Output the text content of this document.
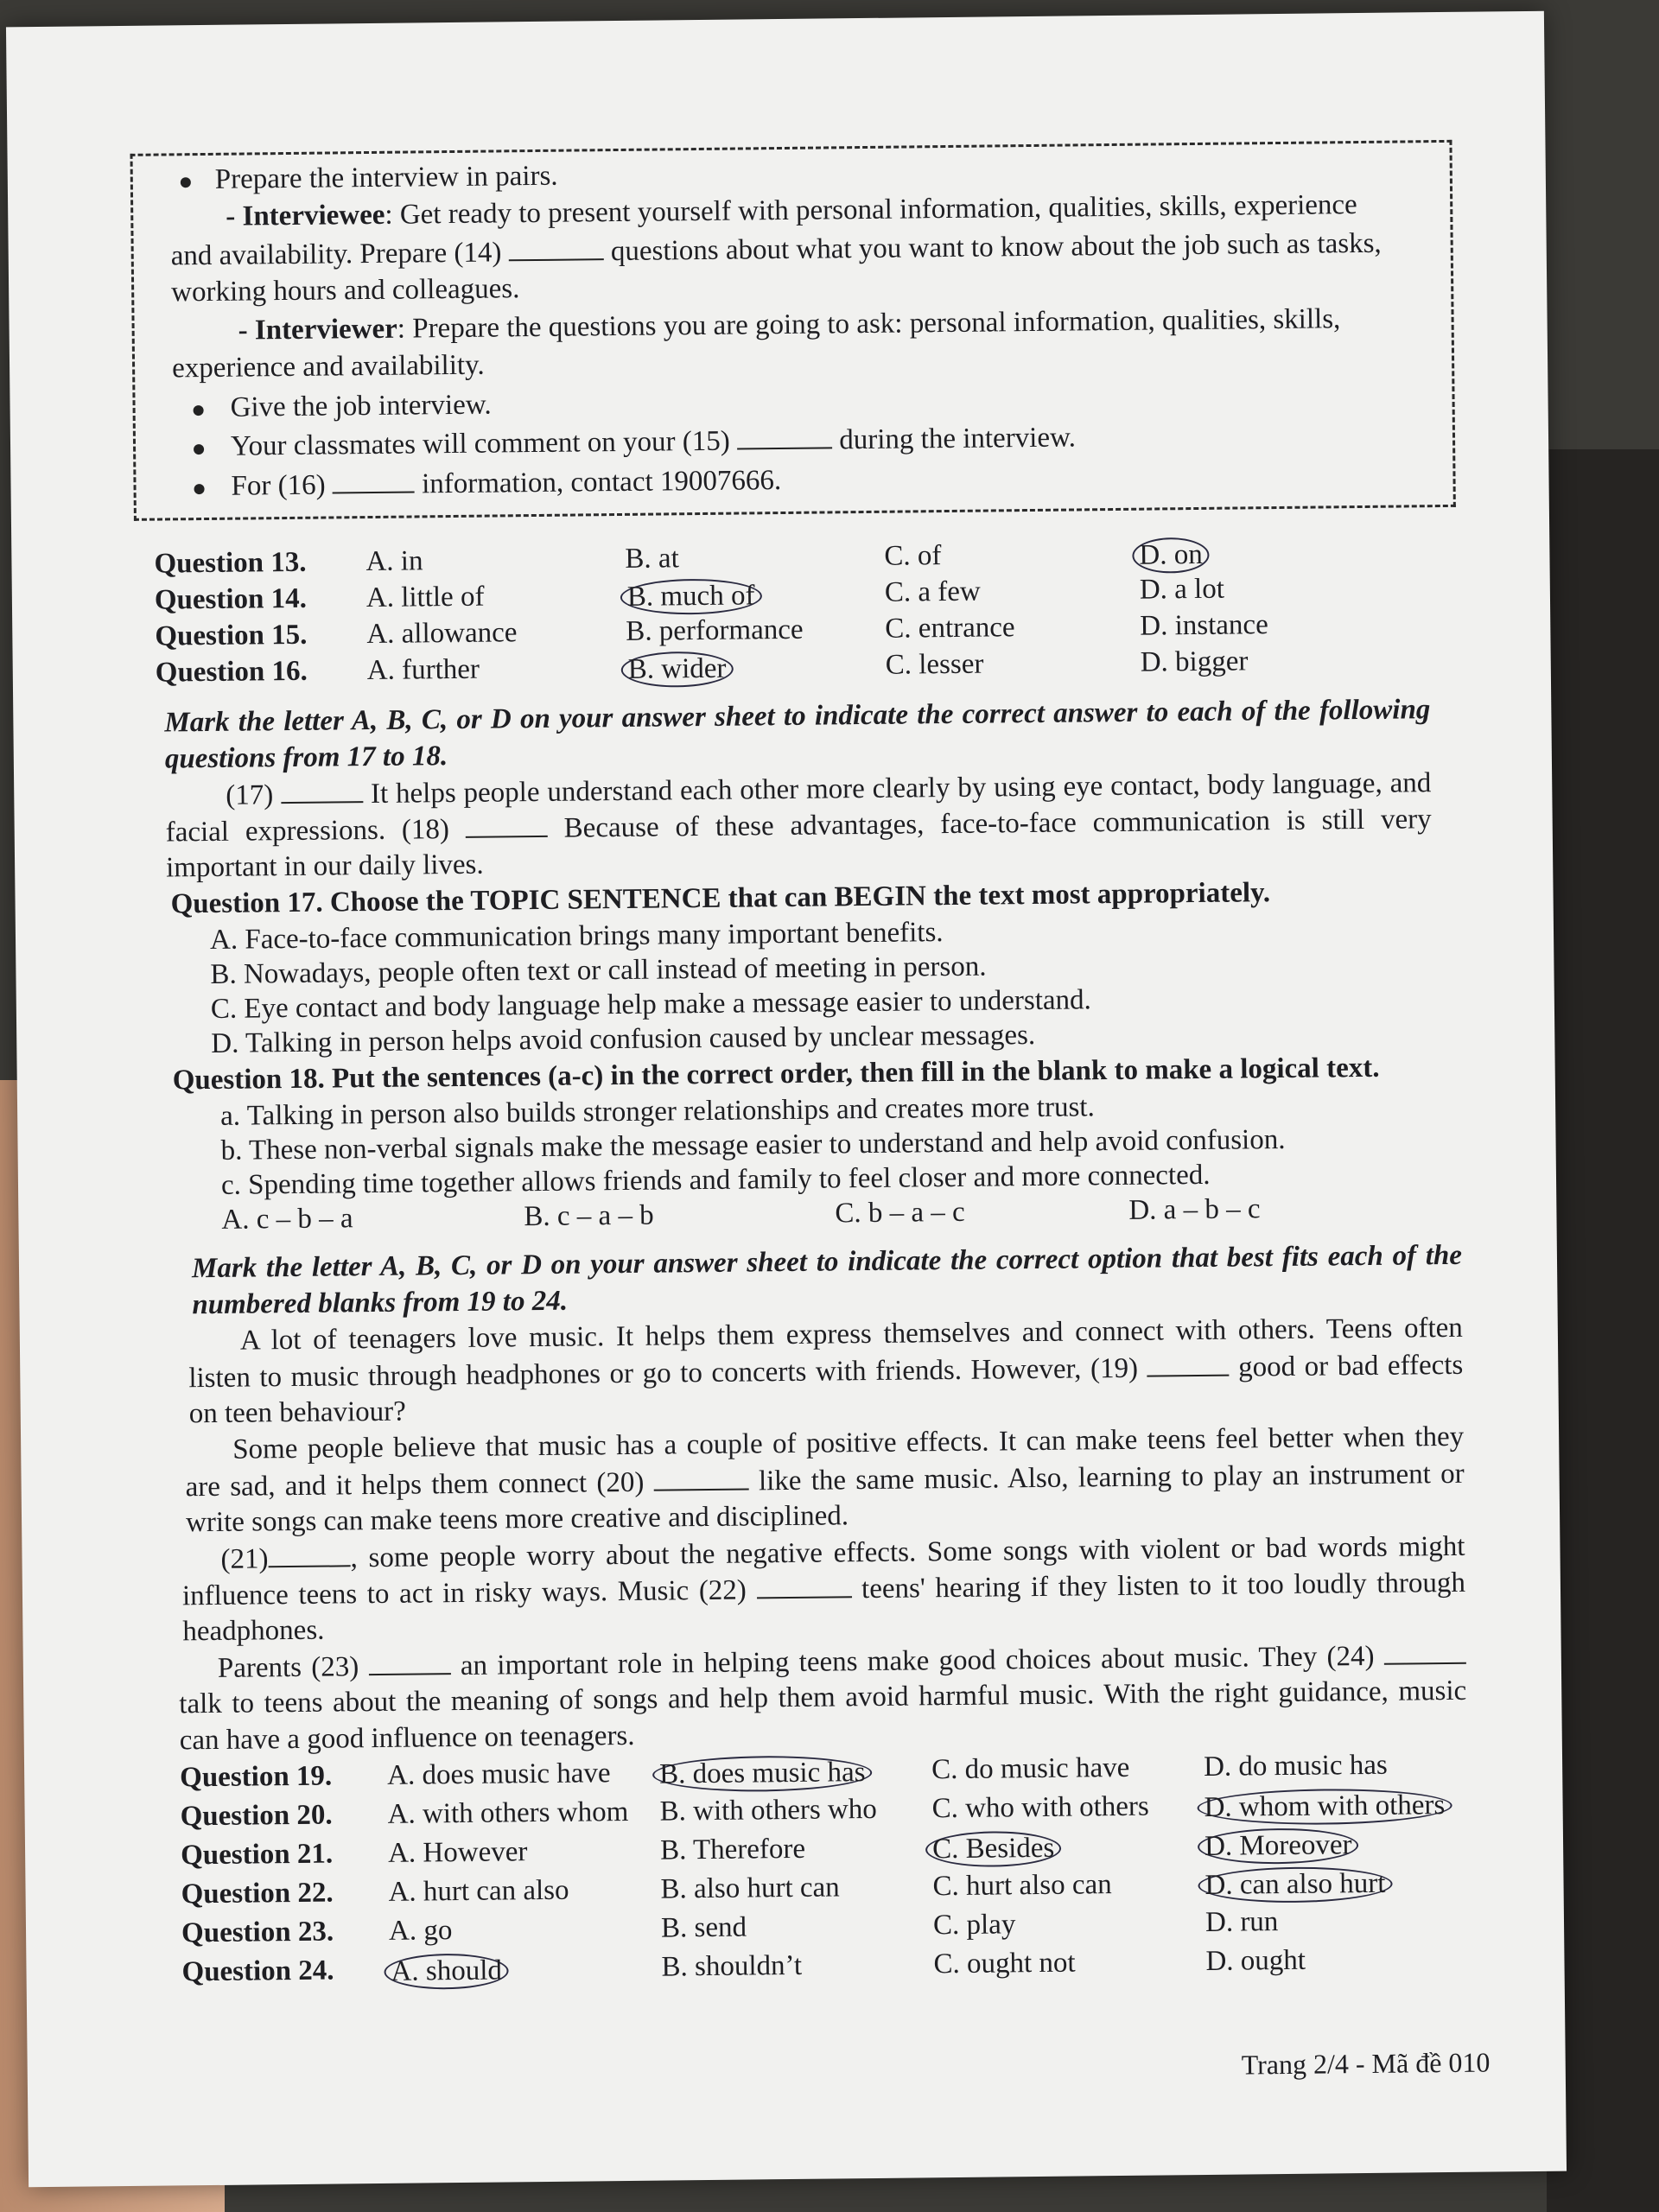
Prepare the interview in pairs.
- Interviewee: Get ready to present yourself with personal information, qualities, skills, experience
and availability. Prepare (14)	questions about what you want to know about the job such as tasks,
working hours and colleagues.
- Interviewer: Prepare the questions you are going to ask: personal information, qualities, skills,
experience and availability.
Give the job interview.
Your classmates will comment on your (15)	during the interview.
For (16)	information, contact 19007666.
Question 13. A. in	B. at	C. of	D. on
Question 14. A. little of	B. much of	C. a few	D. a lot
Question 15. A. allowance	B. performance	C. entrance	D. instance
Question 16. A. further	B. wider	C. lesser	D. bigger
Mark the letter A, B, C, or D on your answer sheet to indicate the correct answer to each of the following
questions from 17 to 18.
(17)	It helps people understand each other more clearly by using eye contact, body language, and
facial expressions. (18)	Because of these advantages, face-to-face communication is still very
important in our daily lives.
Question 17. Choose the TOPIC SENTENCE that can BEGIN the text most appropriately.
A. Face-to-face communication brings many important benefits.
B. Nowadays, people often text or call instead of meeting in person.
C. Eye contact and body language help make a message easier to understand.
D. Talking in person helps avoid confusion caused by unclear messages.
Question 18. Put the sentences (a-c) in the correct order, then fill in the blank to make a logical text.
a. Talking in person also builds stronger relationships and creates more trust.
b. These non-verbal signals make the message easier to understand and help avoid confusion.
c. Spending time together allows friends and family to feel closer and more connected.
A. c – b – a	B. c – a – b	C. b – a – c	D. a – b – c
Mark the letter A, B, C, or D on your answer sheet to indicate the correct option that best fits each of the
numbered blanks from 19 to 24.
A lot of teenagers love music. It helps them express themselves and connect with others. Teens often
listen to music through headphones or go to concerts with friends. However, (19)	good or bad effects
on teen behaviour?
Some people believe that music has a couple of positive effects. It can make teens feel better when they
are sad, and it helps them connect (20)	like the same music. Also, learning to play an instrument or
write songs can make teens more creative and disciplined.
(21)	, some people worry about the negative effects. Some songs with violent or bad words might
influence teens to act in risky ways. Music (22)	teens' hearing if they listen to it too loudly through
headphones.
Parents (23)	an important role in helping teens make good choices about music. They (24)
talk to teens about the meaning of songs and help them avoid harmful music. With the right guidance, music
can have a good influence on teenagers.
Question 19. A. does music have B. does music has C. do music have	D. do music has
Question 20. A. with others whom B. with others who C. who with others D. whom with others
Question 21. A. However	B. Therefore	C. Besides	D. Moreover
Question 22. A. hurt can also	B. also hurt can	C. hurt also can	D. can also hurt
Question 23. A. go	B. send	C. play	D. run
Question 24. A. should	B. shouldn’t	C. ought not	D. ought
Trang 2/4 - Mã đề 010
